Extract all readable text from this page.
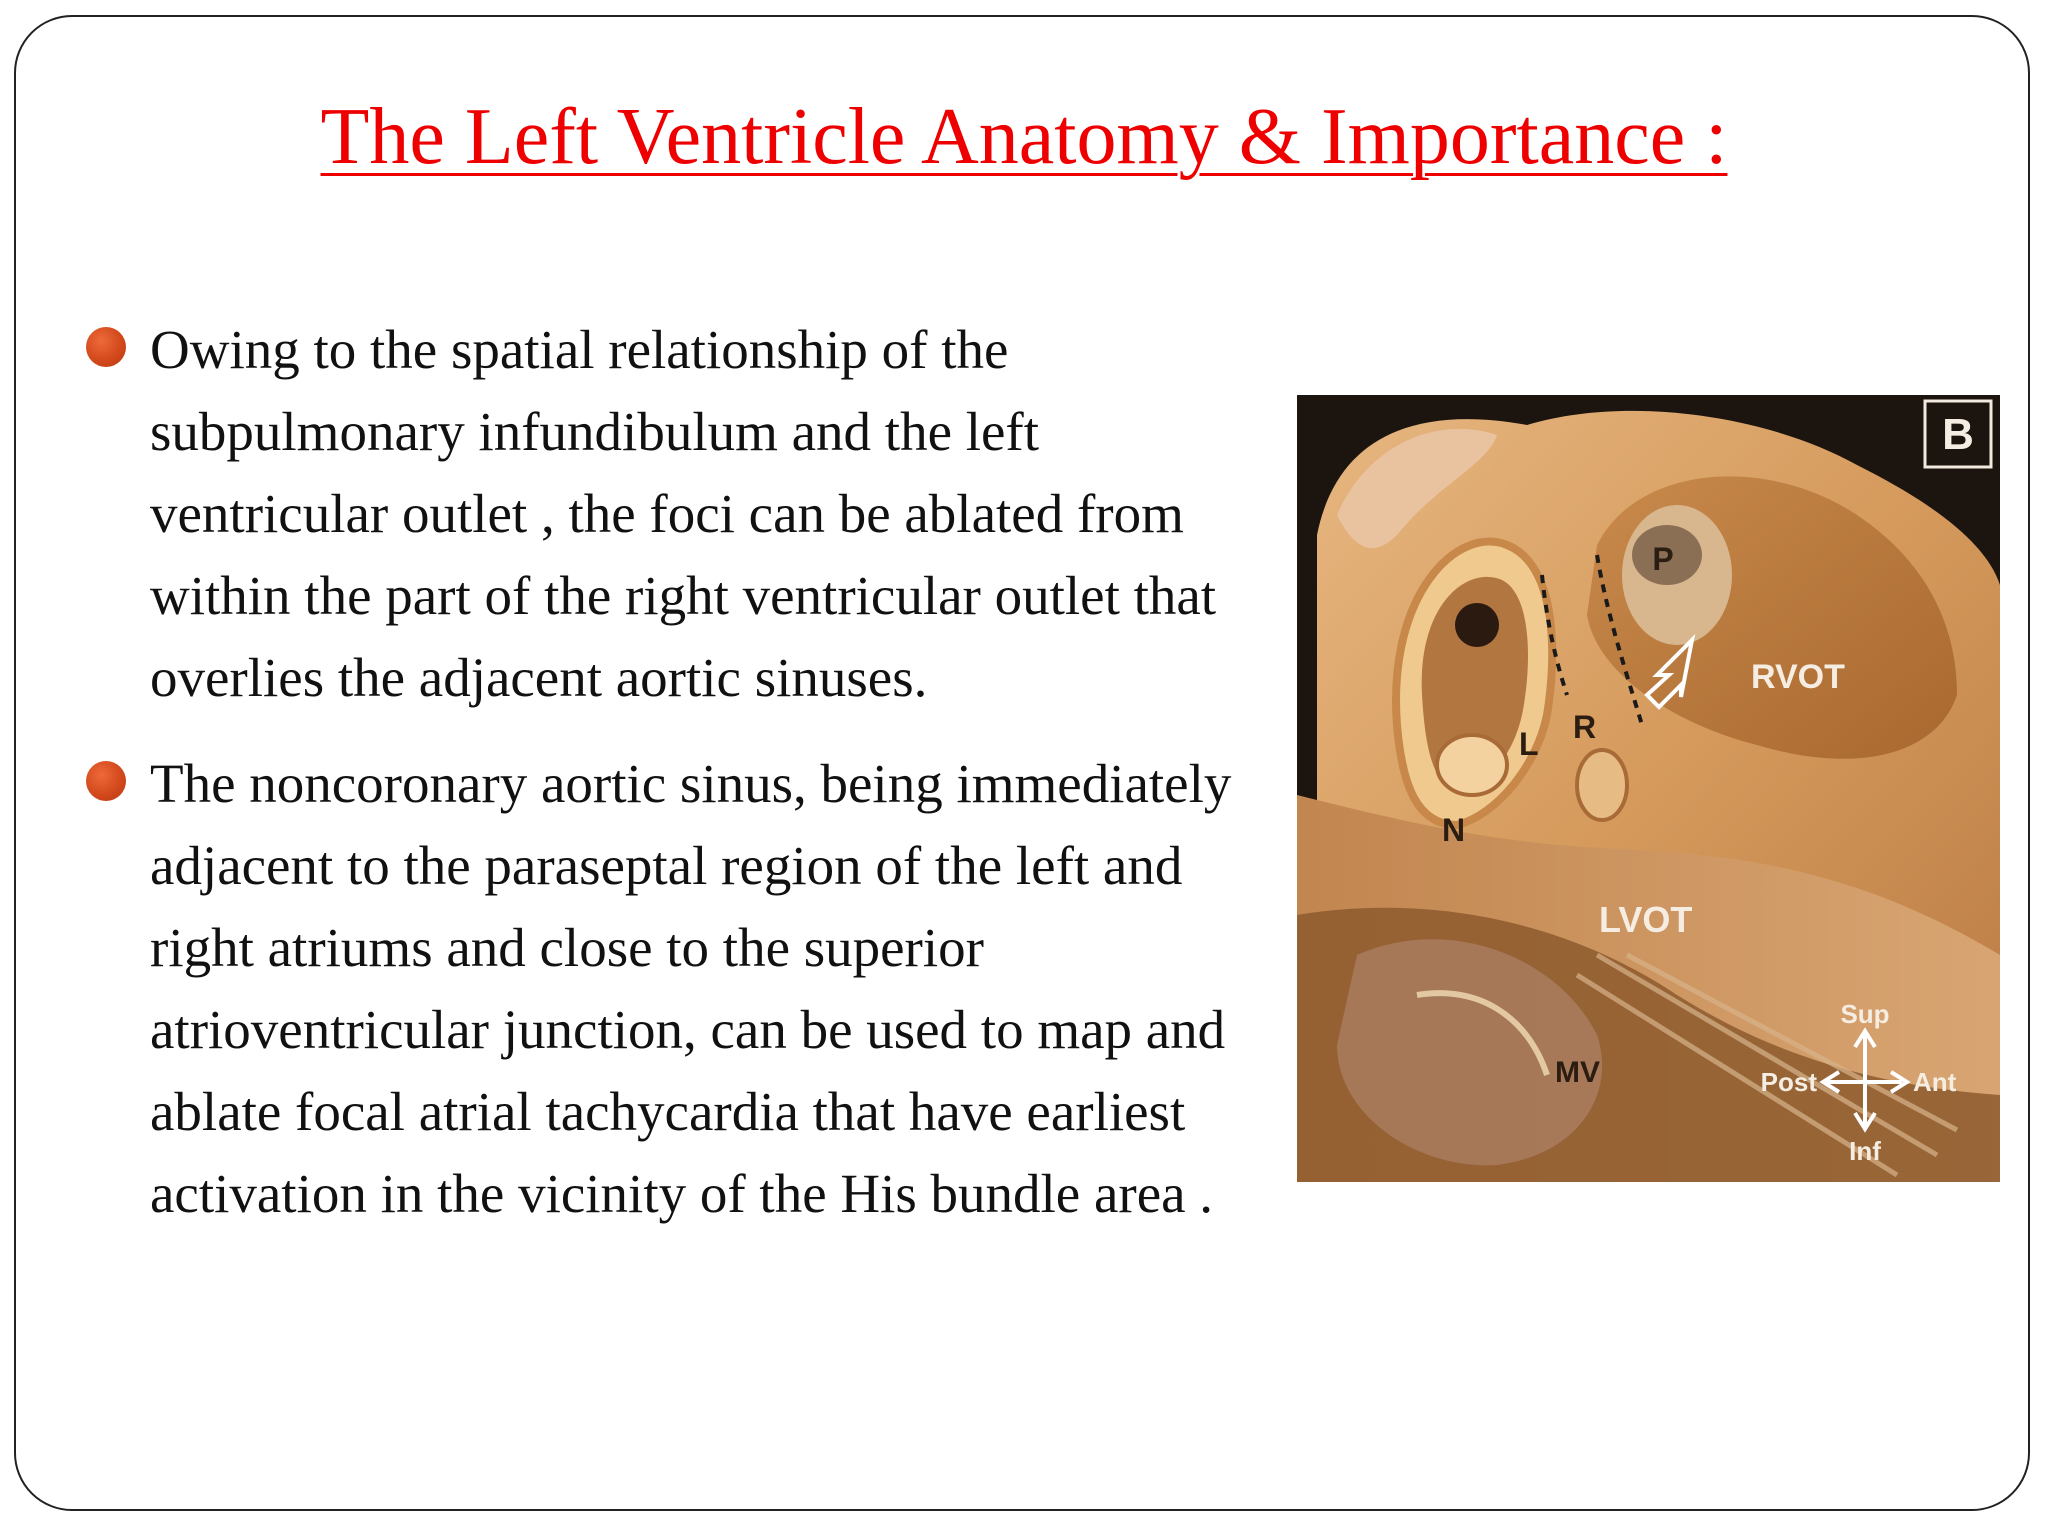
The Left Ventricle Anatomy & Importance :
Owing to the spatial relationship of the subpulmonary infundibulum and the left ventricular outlet , the foci can be ablated from within the part of the right ventricular outlet that overlies the adjacent aortic sinuses.
The noncoronary aortic sinus, being immediately adjacent to the paraseptal region of the left and right atriums and close to the superior atrioventricular junction, can be used to map and ablate focal atrial tachycardia that have earliest activation in the vicinity of the His bundle area .
B
P
RVOT
L R
N
LVOT
MV
Sup
Inf
Post	Ant
